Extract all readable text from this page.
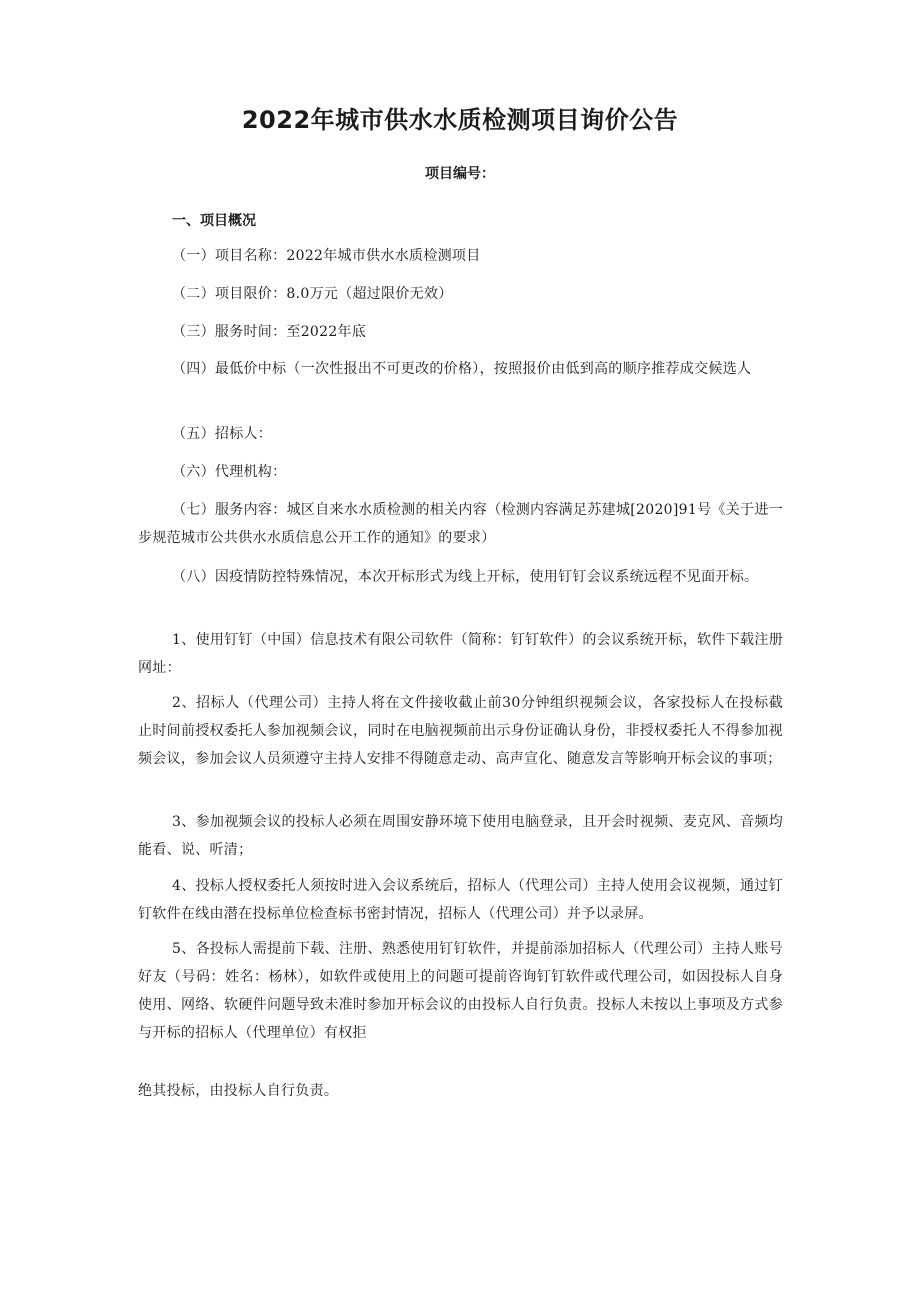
2022年城市供水水质检测项目询价公告
项目编号：
一、项目概况
（一）项目名称：2022年城市供水水质检测项目
（二）项目限价：8.0万元（超过限价无效）
（三）服务时间：至2022年底
（四）最低价中标（一次性报出不可更改的价格），按照报价由低到高的顺序推荐成交候选人
（五）招标人：
（六）代理机构：
（七）服务内容：城区自来水水质检测的相关内容（检测内容满足苏建城[2020]91号《关于进一步规范城市公共供水水质信息公开工作的通知》的要求）
（八）因疫情防控特殊情况，本次开标形式为线上开标，使用钉钉会议系统远程不见面开标。
1、使用钉钉（中国）信息技术有限公司软件（简称：钉钉软件）的会议系统开标，软件下载注册网址：
2、招标人（代理公司）主持人将在文件接收截止前30分钟组织视频会议，各家投标人在投标截止时间前授权委托人参加视频会议，同时在电脑视频前出示身份证确认身份，非授权委托人不得参加视频会议，参加会议人员须遵守主持人安排不得随意走动、高声宣化、随意发言等影响开标会议的事项；
3、参加视频会议的投标人必须在周围安静环境下使用电脑登录，且开会时视频、麦克风、音频均能看、说、听清；
4、投标人授权委托人须按时进入会议系统后，招标人（代理公司）主持人使用会议视频，通过钉钉软件在线由潜在投标单位检查标书密封情况，招标人（代理公司）并予以录屏。
5、各投标人需提前下载、注册、熟悉使用钉钉软件，并提前添加招标人（代理公司）主持人账号好友（号码：姓名：杨林），如软件或使用上的问题可提前咨询钉钉软件或代理公司，如因投标人自身使用、网络、软硬件问题导致未准时参加开标会议的由投标人自行负责。投标人未按以上事项及方式参与开标的招标人（代理单位）有权拒
绝其投标，由投标人自行负责。
